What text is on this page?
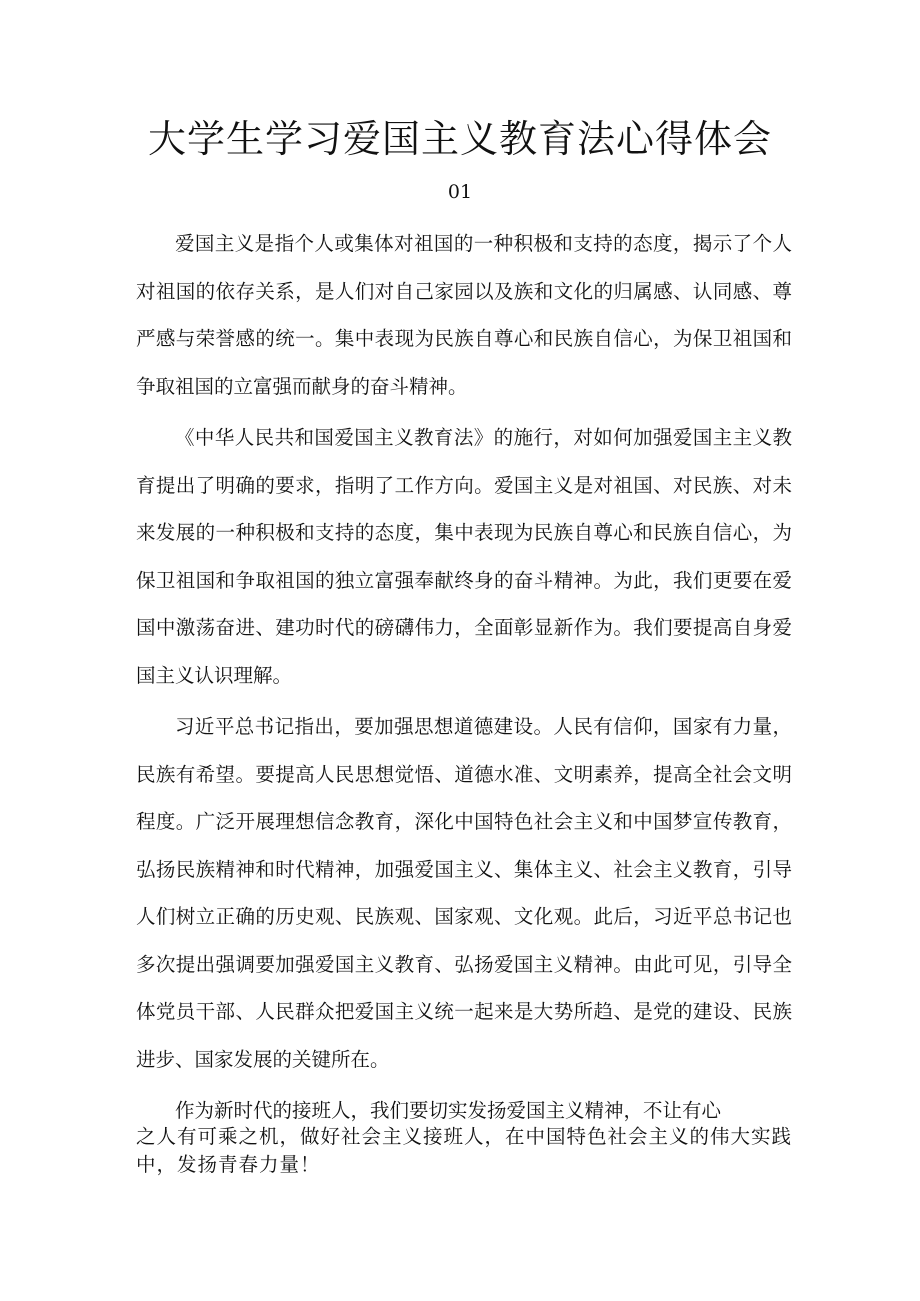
大学生学习爱国主义教育法心得体会
01

爱国主义是指个人或集体对祖国的一种积极和支持的态度，揭示了个人对祖国的依存关系，是人们对自己家园以及族和文化的归属感、认同感、尊严感与荣誉感的统一。集中表现为民族自尊心和民族自信心，为保卫祖国和争取祖国的立富强而献身的奋斗精神。

《中华人民共和国爱国主义教育法》的施行，对如何加强爱国主主义教育提出了明确的要求，指明了工作方向。爱国主义是对祖国、对民族、对未来发展的一种积极和支持的态度，集中表现为民族自尊心和民族自信心，为保卫祖国和争取祖国的独立富强奉献终身的奋斗精神。为此，我们更要在爱国中激荡奋进、建功时代的磅礴伟力，全面彰显新作为。我们要提高自身爱国主义认识理解。

习近平总书记指出，要加强思想道德建设。人民有信仰，国家有力量，民族有希望。要提高人民思想觉悟、道德水准、文明素养，提高全社会文明程度。广泛开展理想信念教育，深化中国特色社会主义和中国梦宣传教育，弘扬民族精神和时代精神，加强爱国主义、集体主义、社会主义教育，引导人们树立正确的历史观、民族观、国家观、文化观。此后，习近平总书记也多次提出强调要加强爱国主义教育、弘扬爱国主义精神。由此可见，引导全体党员干部、人民群众把爱国主义统一起来是大势所趋、是党的建设、民族进步、国家发展的关键所在。

作为新时代的接班人，我们要切实发扬爱国主义精神，不让有心

之人有可乘之机，做好社会主义接班人，在中国特色社会主义的伟大实践中，发扬青春力量！
